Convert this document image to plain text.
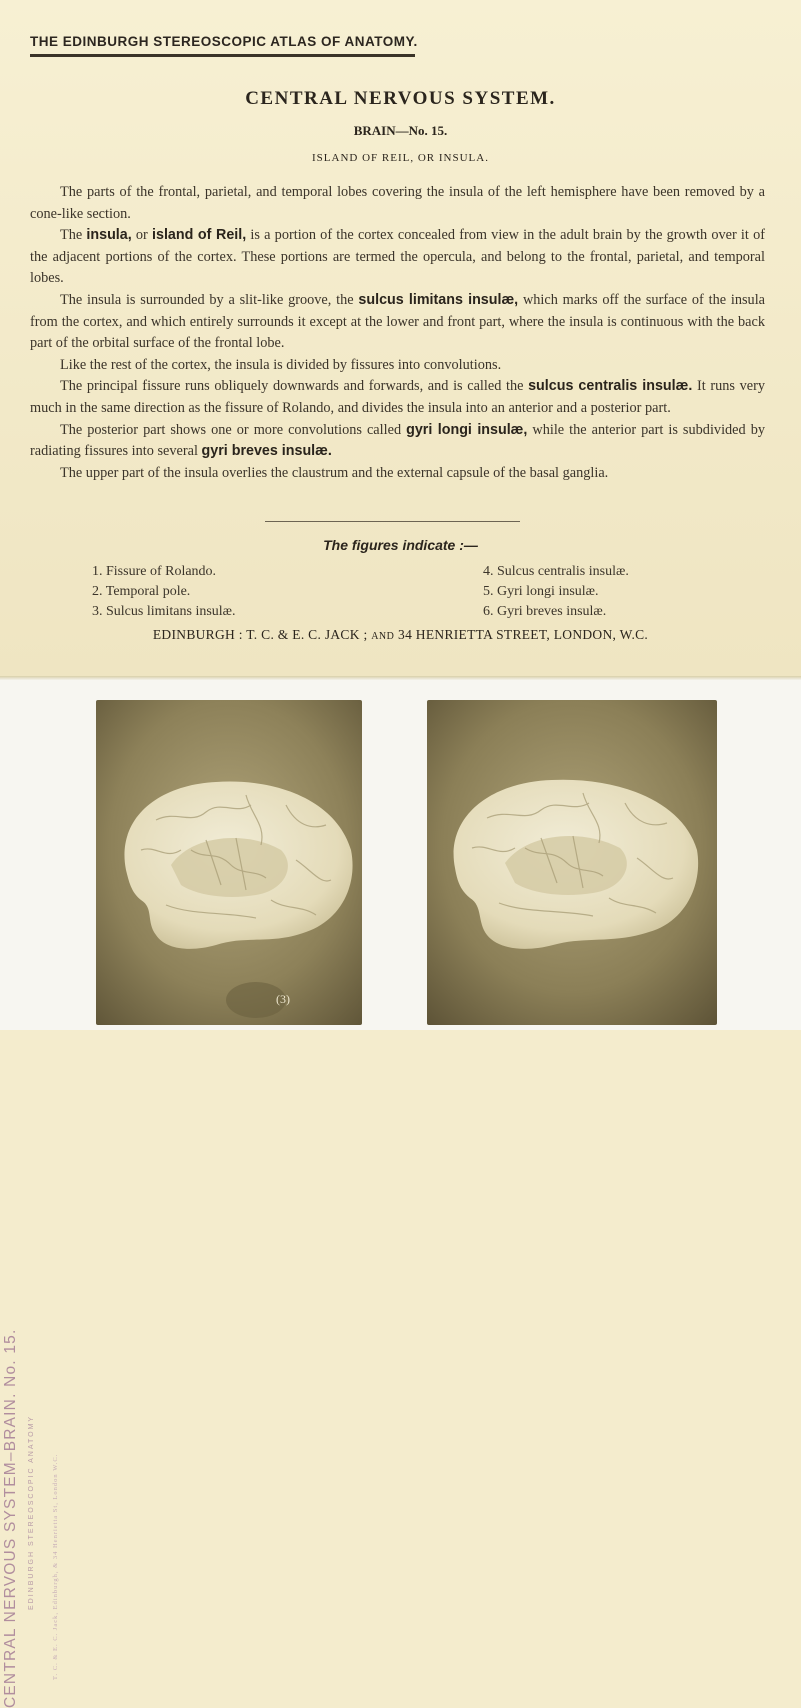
THE EDINBURGH STEREOSCOPIC ATLAS OF ANATOMY.
CENTRAL NERVOUS SYSTEM.
BRAIN—No. 15.
ISLAND OF REIL, OR INSULA.

The parts of the frontal, parietal, and temporal lobes covering the insula of the left hemisphere have been removed by a cone-like section.

The insula, or island of Reil, is a portion of the cortex concealed from view in the adult brain by the growth over it of the adjacent portions of the cortex. These portions are termed the opercula, and belong to the frontal, parietal, and temporal lobes.

The insula is surrounded by a slit-like groove, the sulcus limitans insulæ, which marks off the surface of the insula from the cortex, and which entirely surrounds it except at the lower and front part, where the insula is continuous with the back part of the orbital surface of the frontal lobe.

Like the rest of the cortex, the insula is divided by fissures into convolutions.

The principal fissure runs obliquely downwards and forwards, and is called the sulcus centralis insulæ. It runs very much in the same direction as the fissure of Rolando, and divides the insula into an anterior and a posterior part.

The posterior part shows one or more convolutions called gyri longi insulæ, while the anterior part is subdivided by radiating fissures into several gyri breves insulæ.

The upper part of the insula overlies the claustrum and the external capsule of the basal ganglia.

The figures indicate :—
1. Fissure of Rolando.
2. Temporal pole.
3. Sulcus limitans insulæ.
4. Sulcus centralis insulæ.
5. Gyri longi insulæ.
6. Gyri breves insulæ.
EDINBURGH : T. C. & E. C. JACK ; AND 34 HENRIETTA STREET, LONDON, W.C.
CENTRAL NERVOUS SYSTEM–BRAIN. No. 15. EDINBURGH STEREOSCOPIC ANATOMY	T. C. & E. C. Jack, Edinburgh, & 34 Henrietta St, London W.C.
(3)
